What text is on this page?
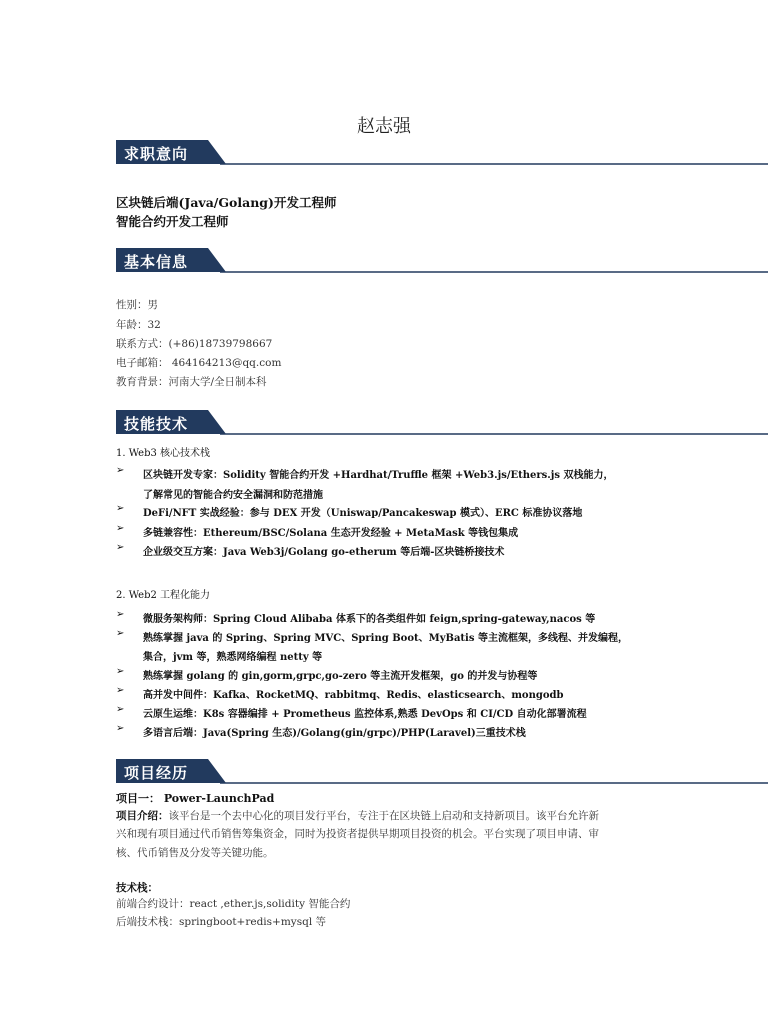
赵志强
求职意向
区块链后端(Java/Golang)开发工程师
智能合约开发工程师
基本信息
性别：男
年龄：32
联系方式：(+86)18739798667
电子邮箱： 464164213@qq.com
教育背景：河南大学/全日制本科
技能技术
1. Web3 核心技术栈
➢ 区块链开发专家：Solidity 智能合约开发 +Hardhat/Truffle 框架 +Web3.js/Ethers.js 双栈能力，
了解常见的智能合约安全漏洞和防范措施
➢ DeFi/NFT 实战经验：参与 DEX 开发（Uniswap/Pancakeswap 模式）、ERC 标准协议落地
➢ 多链兼容性：Ethereum/BSC/Solana 生态开发经验 + MetaMask 等钱包集成
➢ 企业级交互方案：Java Web3j/Golang go-etherum 等后端-区块链桥接技术
2. Web2 工程化能力
➢ 微服务架构师：Spring Cloud Alibaba 体系下的各类组件如 feign,spring-gateway,nacos 等
➢ 熟练掌握 java 的 Spring、Spring MVC、Spring Boot、MyBatis 等主流框架，多线程、并发编程，
集合，jvm 等，熟悉网络编程 netty 等
➢ 熟练掌握 golang 的 gin,gorm,grpc,go-zero 等主流开发框架，go 的并发与协程等
➢ 高并发中间件：Kafka、RocketMQ、rabbitmq、Redis、elasticsearch、mongodb
➢ 云原生运维：K8s 容器编排 + Prometheus 监控体系,熟悉 DevOps 和 CI/CD 自动化部署流程
➢ 多语言后端：Java(Spring 生态)/Golang(gin/grpc)/PHP(Laravel)三重技术栈
项目经历
项目一： Power-LaunchPad
项目介绍：该平台是一个去中心化的项目发行平台，专注于在区块链上启动和支持新项目。该平台允许新
兴和现有项目通过代币销售筹集资金，同时为投资者提供早期项目投资的机会。平台实现了项目申请、审
核、代币销售及分发等关键功能。
技术栈：
前端合约设计：react ,ether.js,solidity 智能合约
后端技术栈：springboot+redis+mysql 等
